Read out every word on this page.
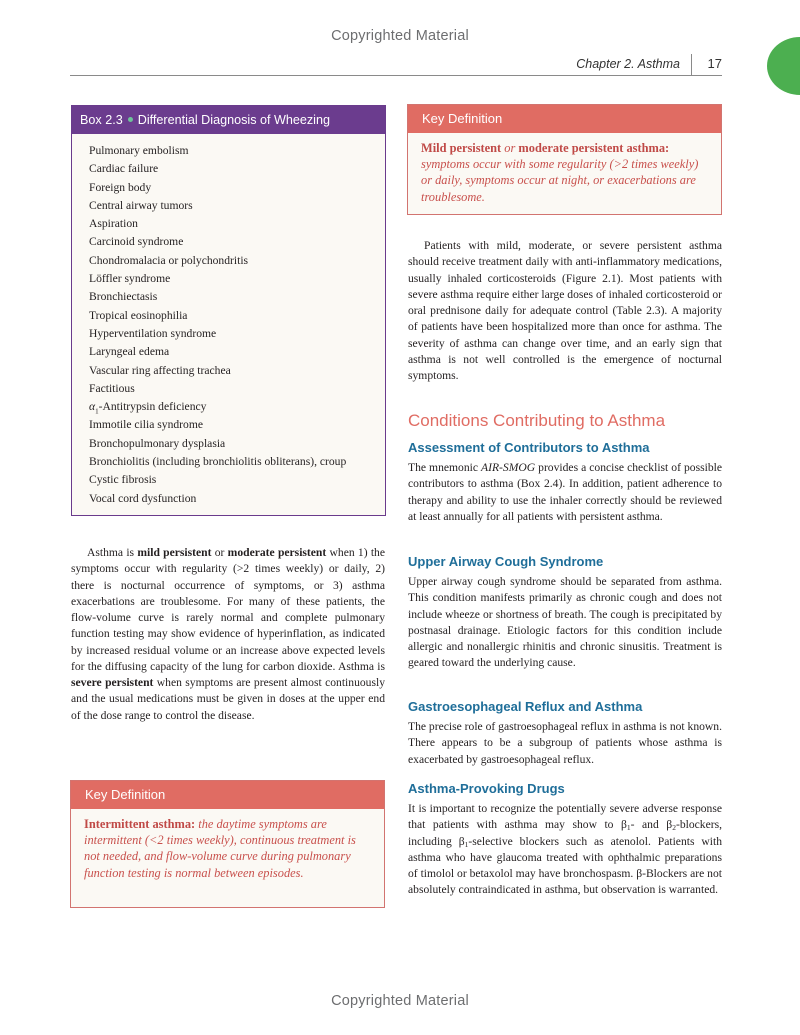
Copyrighted Material
Chapter 2. Asthma 17
Box 2.3 Differential Diagnosis of Wheezing
Pulmonary embolism
Cardiac failure
Foreign body
Central airway tumors
Aspiration
Carcinoid syndrome
Chondromalacia or polychondritis
Löffler syndrome
Bronchiectasis
Tropical eosinophilia
Hyperventilation syndrome
Laryngeal edema
Vascular ring affecting trachea
Factitious
$\alpha_1$-Antitrypsin deficiency
Immotile cilia syndrome
Bronchopulmonary dysplasia
Bronchiolitis (including bronchiolitis obliterans), croup
Cystic fibrosis
Vocal cord dysfunction

Asthma is mild persistent or moderate persistent when 1) the symptoms occur with regularity (>2 times weekly) or daily, 2) there is nocturnal occurrence of symptoms, or 3) asthma exacerbations are troublesome. For many of these patients, the flow-volume curve is rarely normal and complete pulmonary function testing may show evidence of hyperinflation, as indicated by increased residual volume or an increase above expected levels for the diffusing capacity of the lung for carbon dioxide. Asthma is severe persistent when symptoms are present almost continuously and the usual medications must be given in doses at the upper end of the dose range to control the disease.

Key Definition
Intermittent asthma: the daytime symptoms are intermittent (<2 times weekly), continuous treatment is not needed, and flow-volume curve during pulmonary function testing is normal between episodes.
Key Definition
Mild persistent or moderate persistent asthma: symptoms occur with some regularity (>2 times weekly) or daily, symptoms occur at night, or exacerbations are troublesome.

Patients with mild, moderate, or severe persistent asthma should receive treatment daily with anti-inflammatory medications, usually inhaled corticosteroids (Figure 2.1). Most patients with severe asthma require either large doses of inhaled corticosteroid or oral prednisone daily for adequate control (Table 2.3). A majority of patients have been hospitalized more than once for asthma. The severity of asthma can change over time, and an early sign that asthma is not well controlled is the emergence of nocturnal symptoms.

Conditions Contributing to Asthma
Assessment of Contributors to Asthma

The mnemonic AIR-SMOG provides a concise checklist of possible contributors to asthma (Box 2.4). In addition, patient adherence to therapy and ability to use the inhaler correctly should be reviewed at least annually for all patients with persistent asthma.

Upper Airway Cough Syndrome

Upper airway cough syndrome should be separated from asthma. This condition manifests primarily as chronic cough and does not include wheeze or shortness of breath. The cough is precipitated by postnasal drainage. Etiologic factors for this condition include allergic and nonallergic rhinitis and chronic sinusitis. Treatment is geared toward the underlying cause.

Gastroesophageal Reflux and Asthma

The precise role of gastroesophageal reflux in asthma is not known. There appears to be a subgroup of patients whose asthma is exacerbated by gastroesophageal reflux.

Asthma-Provoking Drugs

It is important to recognize the potentially severe adverse response that patients with asthma may show to $\beta_1-$ and $\beta_2$-blockers, including $\beta_1$-selective blockers such as atenolol. Patients with asthma who have glaucoma treated with ophthalmic preparations of timolol or betaxolol may have bronchospasm. β-Blockers are not absolutely contraindicated in asthma, but observation is warranted.

Copyrighted Material
